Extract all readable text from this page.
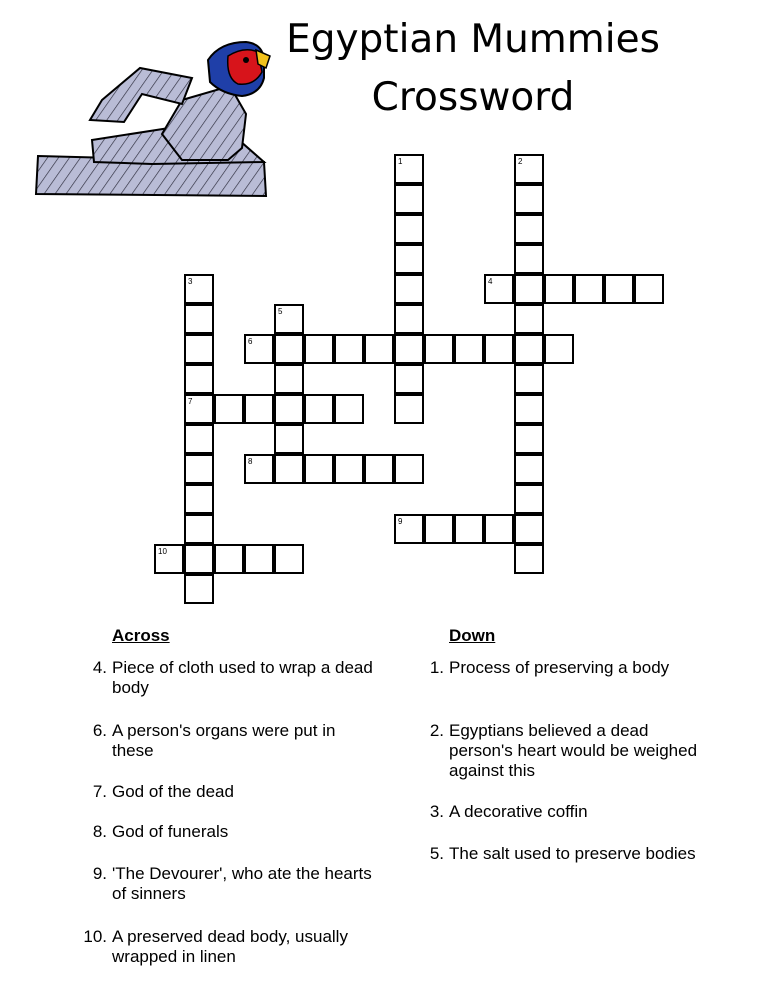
Egyptian Mummies
Crossword
1	2
3	4
5
6
7
8
9
10
Across	Down
4. Piece of cloth used to wrap a dead body
6. A person's organs were put in these
7. God of the dead
8. God of funerals
9. 'The Devourer', who ate the hearts of sinners
10. A preserved dead body, usually wrapped in linen
1. Process of preserving a body
2. Egyptians believed a dead person's heart would be weighed against this
3. A decorative coffin
5. The salt used to preserve bodies
